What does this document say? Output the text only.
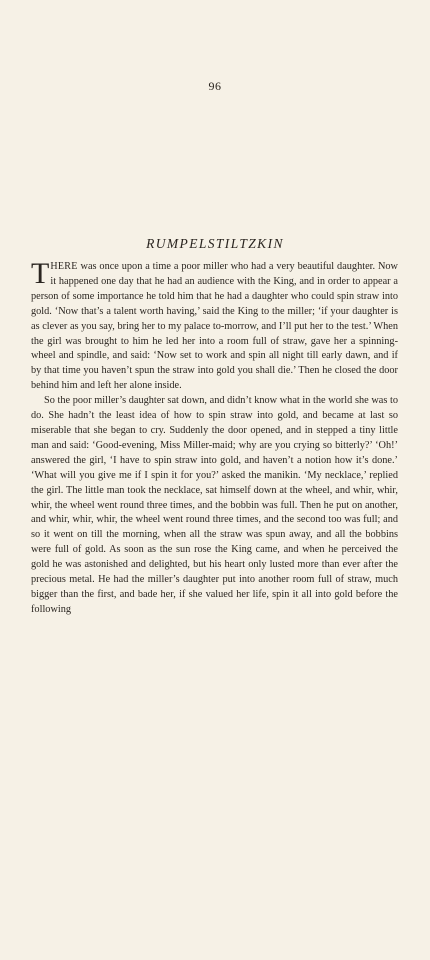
96
RUMPELSTILTZKIN

THERE was once upon a time a poor miller who had a very beautiful daughter. Now it happened one day that he had an audience with the King, and in order to appear a person of some importance he told him that he had a daughter who could spin straw into gold. ‘Now that’s a talent worth having,’ said the King to the miller; ‘if your daughter is as clever as you say, bring her to my palace to-morrow, and I’ll put her to the test.’ When the girl was brought to him he led her into a room full of straw, gave her a spinning-wheel and spindle, and said: ‘Now set to work and spin all night till early dawn, and if by that time you haven’t spun the straw into gold you shall die.’ Then he closed the door behind him and left her alone inside.

So the poor miller’s daughter sat down, and didn’t know what in the world she was to do. She hadn’t the least idea of how to spin straw into gold, and became at last so miserable that she began to cry. Suddenly the door opened, and in stepped a tiny little man and said: ‘Good-evening, Miss Miller-maid; why are you crying so bitterly?’ ‘Oh!’ answered the girl, ‘I have to spin straw into gold, and haven’t a notion how it’s done.’ ‘What will you give me if I spin it for you?’ asked the manikin. ‘My necklace,’ replied the girl. The little man took the necklace, sat himself down at the wheel, and whir, whir, whir, the wheel went round three times, and the bobbin was full. Then he put on another, and whir, whir, whir, the wheel went round three times, and the second too was full; and so it went on till the morning, when all the straw was spun away, and all the bobbins were full of gold. As soon as the sun rose the King came, and when he perceived the gold he was astonished and delighted, but his heart only lusted more than ever after the precious metal. He had the miller’s daughter put into another room full of straw, much bigger than the first, and bade her, if she valued her life, spin it all into gold before the following
